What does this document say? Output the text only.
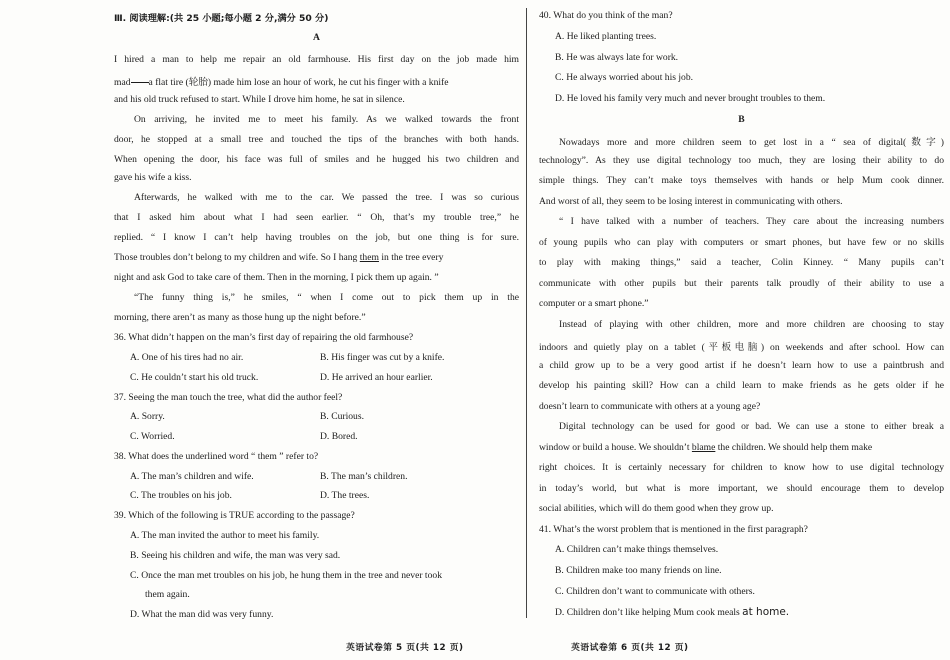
Ⅲ. 阅读理解:(共 25 小题;每小题 2 分,满分 50 分)
A
I hired a man to help me repair an old farmhouse. His first day on the job made him
mad a flat tire (轮胎) made him lose an hour of work, he cut his finger with a knife
and his old truck refused to start. While I drove him home, he sat in silence.
On arriving, he invited me to meet his family. As we walked towards the front
door, he stopped at a small tree and touched the tips of the branches with both hands.
When opening the door, his face was full of smiles and he hugged his two children and
gave his wife a kiss.
Afterwards, he walked with me to the car. We passed the tree. I was so curious
that I asked him about what I had seen earlier. “ Oh, that’s my trouble tree,” he
replied. “ I know I can’t help having troubles on the job, but one thing is for sure.
Those troubles don’t belong to my children and wife. So I hang them in the tree every
night and ask God to take care of them. Then in the morning, I pick them up again. ”
“The funny thing is,” he smiles, “ when I come out to pick them up in the
morning, there aren’t as many as those hung up the night before.”
36. What didn’t happen on the man’s first day of repairing the old farmhouse?
A. One of his tires had no air.	B. His finger was cut by a knife.
C. He couldn’t start his old truck.	D. He arrived an hour earlier.
37. Seeing the man touch the tree, what did the author feel?
A. Sorry.	B. Curious.
C. Worried.	D. Bored.
38. What does the underlined word “ them ” refer to?
A. The man’s children and wife.	B. The man’s children.
C. The troubles on his job.	D. The trees.
39. Which of the following is TRUE according to the passage?
A. The man invited the author to meet his family.
B. Seeing his children and wife, the man was very sad.
C. Once the man met troubles on his job, he hung them in the tree and never took
them again.
D. What the man did was very funny.
40. What do you think of the man?
A. He liked planting trees.
B. He was always late for work.
C. He always worried about his job.
D. He loved his family very much and never brought troubles to them.
B
Nowadays more and more children seem to get lost in a “ sea of digital(数字)
technology”. As they use digital technology too much, they are losing their ability to do
simple things. They can’t make toys themselves with hands or help Mum cook dinner.
And worst of all, they seem to be losing interest in communicating with others.
“ I have talked with a number of teachers. They care about the increasing numbers
of young pupils who can play with computers or smart phones, but have few or no skills
to play with making things,” said a teacher, Colin Kinney. “ Many pupils can’t
communicate with other pupils but their parents talk proudly of their ability to use a
computer or a smart phone.”
Instead of playing with other children, more and more children are choosing to stay
indoors and quietly play on a tablet (平板电脑) on weekends and after school. How can
a child grow up to be a very good artist if he doesn’t learn how to use a paintbrush and
develop his painting skill? How can a child learn to make friends as he gets older if he
doesn’t learn to communicate with others at a young age?
Digital technology can be used for good or bad. We can use a stone to either break a
window or build a house. We shouldn’t blame the children. We should help them make
right choices. It is certainly necessary for children to know how to use digital technology
in today’s world, but what is more important, we should encourage them to develop
social abilities, which will do them good when they grow up.
41. What’s the worst problem that is mentioned in the first paragraph?
A. Children can’t make things themselves.
B. Children make too many friends on line.
C. Children don’t want to communicate with others.
D. Children don’t like helping Mum cook meals at home.
英语试卷第 5 页(共 12 页)	英语试卷第 6 页(共 12 页)
